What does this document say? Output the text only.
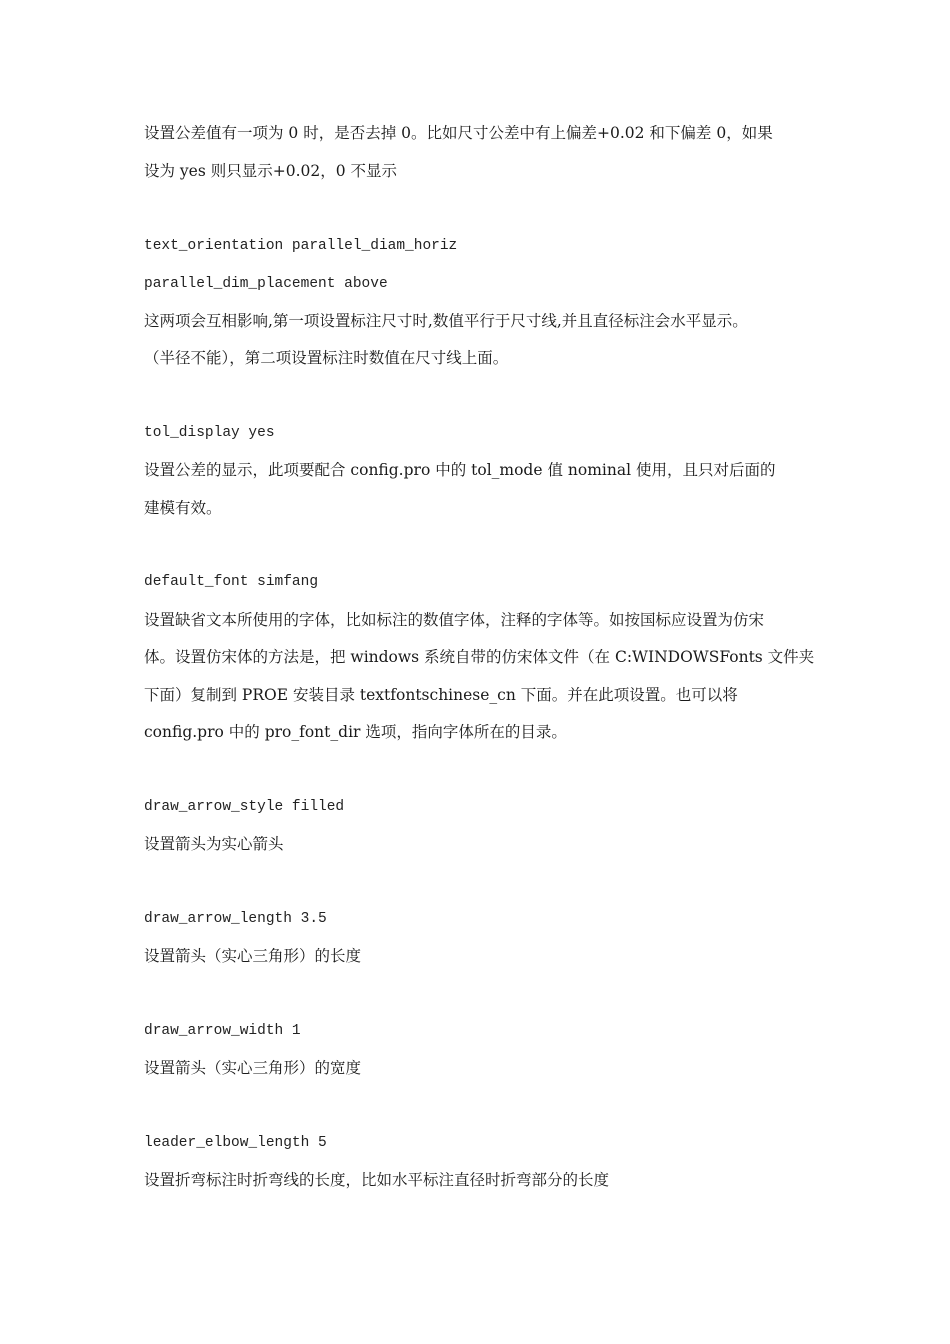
设置公差值有一项为 0 时，是否去掉 0。比如尺寸公差中有上偏差+0.02 和下偏差 0，如果
设为 yes 则只显示+0.02，0 不显示
text_orientation parallel_diam_horiz
parallel_dim_placement above
这两项会互相影响,第一项设置标注尺寸时,数值平行于尺寸线,并且直径标注会水平显示。
（半径不能），第二项设置标注时数值在尺寸线上面。
tol_display yes
设置公差的显示，此项要配合 config.pro 中的 tol_mode 值 nominal 使用，且只对后面的
建模有效。
default_font simfang
设置缺省文本所使用的字体，比如标注的数值字体，注释的字体等。如按国标应设置为仿宋
体。设置仿宋体的方法是，把 windows 系统自带的仿宋体文件（在 C:WINDOWSFonts 文件夹
下面）复制到 PROE 安装目录 textfontschinese_cn 下面。并在此项设置。也可以将
config.pro 中的 pro_font_dir 选项，指向字体所在的目录。
draw_arrow_style filled
设置箭头为实心箭头
draw_arrow_length 3.5
设置箭头（实心三角形）的长度
draw_arrow_width 1
设置箭头（实心三角形）的宽度
leader_elbow_length 5
设置折弯标注时折弯线的长度，比如水平标注直径时折弯部分的长度
